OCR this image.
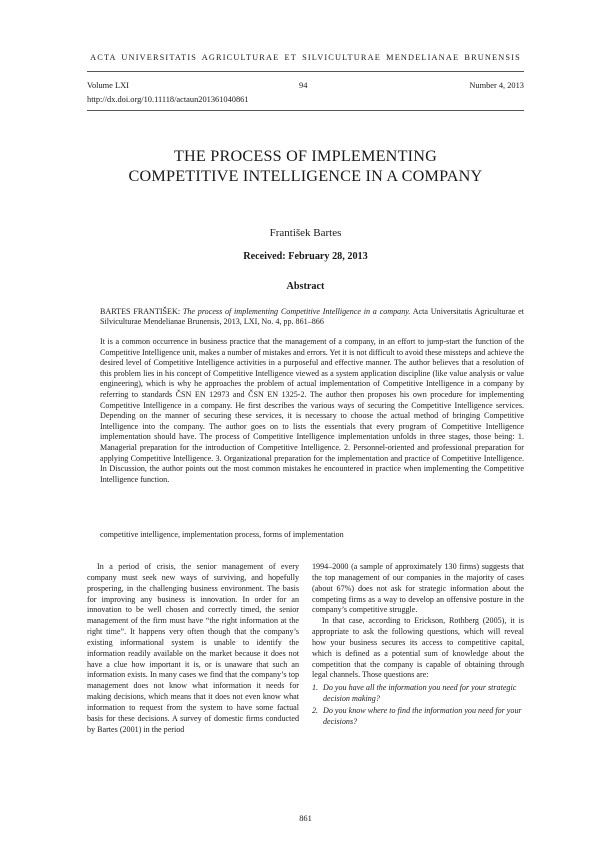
ACTA UNIVERSITATIS AGRICULTURAE ET SILVICULTURAE MENDELIANAE BRUNENSIS
Volume LXI	94	Number 4, 2013
http://dx.doi.org/10.11118/actaun201361040861
THE PROCESS OF IMPLEMENTING
COMPETITIVE INTELLIGENCE IN A COMPANY
František Bartes
Received: February 28, 2013
Abstract
BARTES FRANTIŠEK: The process of implementing Competitive Intelligence in a company. Acta Universitatis Agriculturae et Silviculturae Mendelianae Brunensis, 2013, LXI, No. 4, pp. 861–866
It is a common occurrence in business practice that the management of a company, in an effort to jump-start the function of the Competitive Intelligence unit, makes a number of mistakes and errors. Yet it is not difficult to avoid these missteps and achieve the desired level of Competitive Intelligence activities in a purposeful and effective manner. The author believes that a resolution of this problem lies in his concept of Competitive Intelligence viewed as a system application discipline (like value analysis or value engineering), which is why he approaches the problem of actual implementation of Competitive Intelligence in a company by referring to standards ČSN EN 12973 and ČSN EN 1325-2. The author then proposes his own procedure for implementing Competitive Intelligence in a company. He first describes the various ways of securing the Competitive Intelligence services. Depending on the manner of securing these services, it is necessary to choose the actual method of bringing Competitive Intelligence into the company. The author goes on to lists the essentials that every program of Competitive Intelligence implementation should have. The process of Competitive Intelligence implementation unfolds in three stages, those being: 1. Managerial preparation for the introduction of Competitive Intelligence. 2. Personnel-oriented and professional preparation for applying Competitive Intelligence. 3. Organizational preparation for the implementation and practice of Competitive Intelligence. In Discussion, the author points out the most common mistakes he encountered in practice when implementing the Competitive Intelligence function.
competitive intelligence, implementation process, forms of implementation

In a period of crisis, the senior management of every company must seek new ways of surviving, and hopefully prospering, in the challenging business environment. The basis for improving any business is innovation. In order for an innovation to be well chosen and correctly timed, the senior management of the firm must have “the right information at the right time”. It happens very often though that the company’s existing informational system is unable to identify the information readily available on the market because it does not have a clue how important it is, or is unaware that such an information exists. In many cases we find that the company’s top management does not know what information it needs for making decisions, which means that it does not even know what information to request from the system to have some factual basis for these decisions. A survey of domestic firms conducted by Bartes (2001) in the period

1994–2000 (a sample of approximately 130 firms) suggests that the top management of our companies in the majority of cases (about 67%) does not ask for strategic information about the competing firms as a way to develop an offensive posture in the company’s competitive struggle.

In that case, according to Erickson, Rothberg (2005), it is appropriate to ask the following questions, which will reveal how your business secures its access to competitive capital, which is defined as a potential sum of knowledge about the competition that the company is capable of obtaining through legal channels. Those questions are:

1. Do you have all the information you need for your strategic decision making?
2. Do you know where to find the information you need for your decisions?
861
